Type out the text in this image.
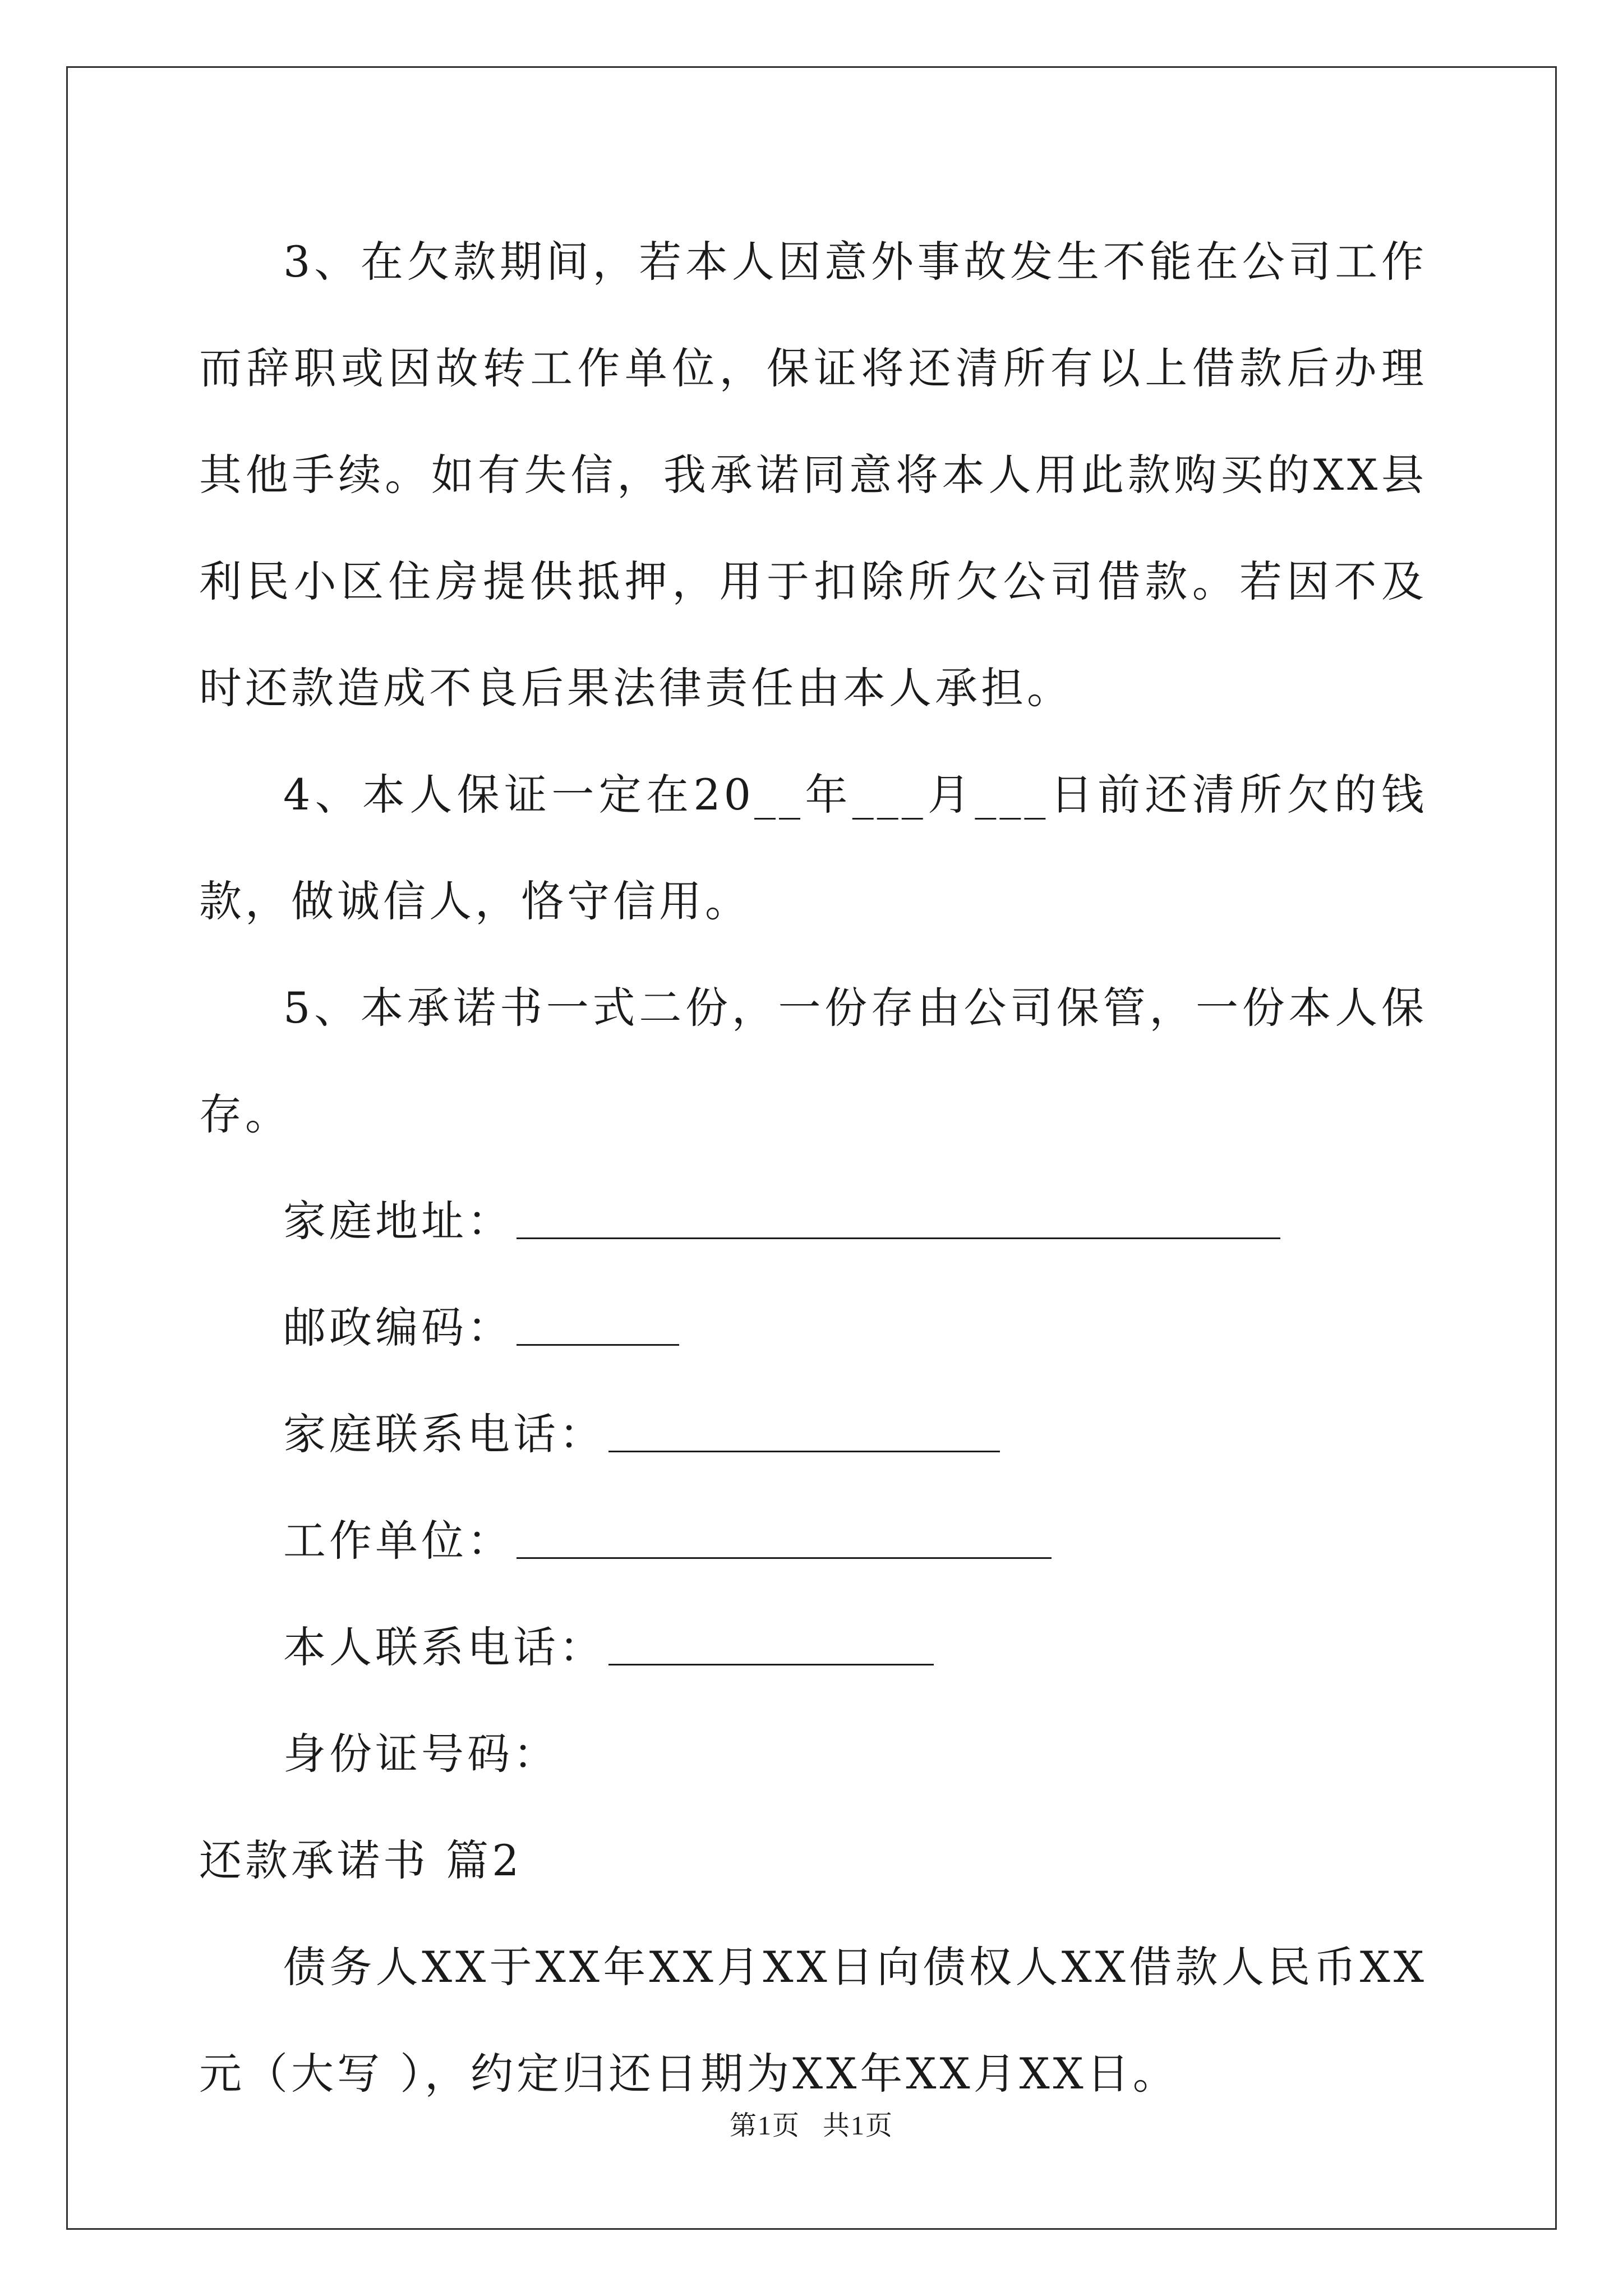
3、在欠款期间，若本人因意外事故发生不能在公司工作而辞职或因故转工作单位，保证将还清所有以上借款后办理其他手续。如有失信，我承诺同意将本人用此款购买的XX县利民小区住房提供抵押，用于扣除所欠公司借款。若因不及时还款造成不良后果法律责任由本人承担。

4、本人保证一定在20__年___月___日前还清所欠的钱款，做诚信人，恪守信用。

5、本承诺书一式二份，一份存由公司保管，一份本人保存。

家庭地址：
邮政编码：
家庭联系电话：
工作单位：
本人联系电话：
身份证号码：

还款承诺书 篇2

债务人XX于XX年XX月XX日向债权人XX借款人民币XX元（大写 ），约定归还日期为XX年XX月XX日。

第1页 共1页
